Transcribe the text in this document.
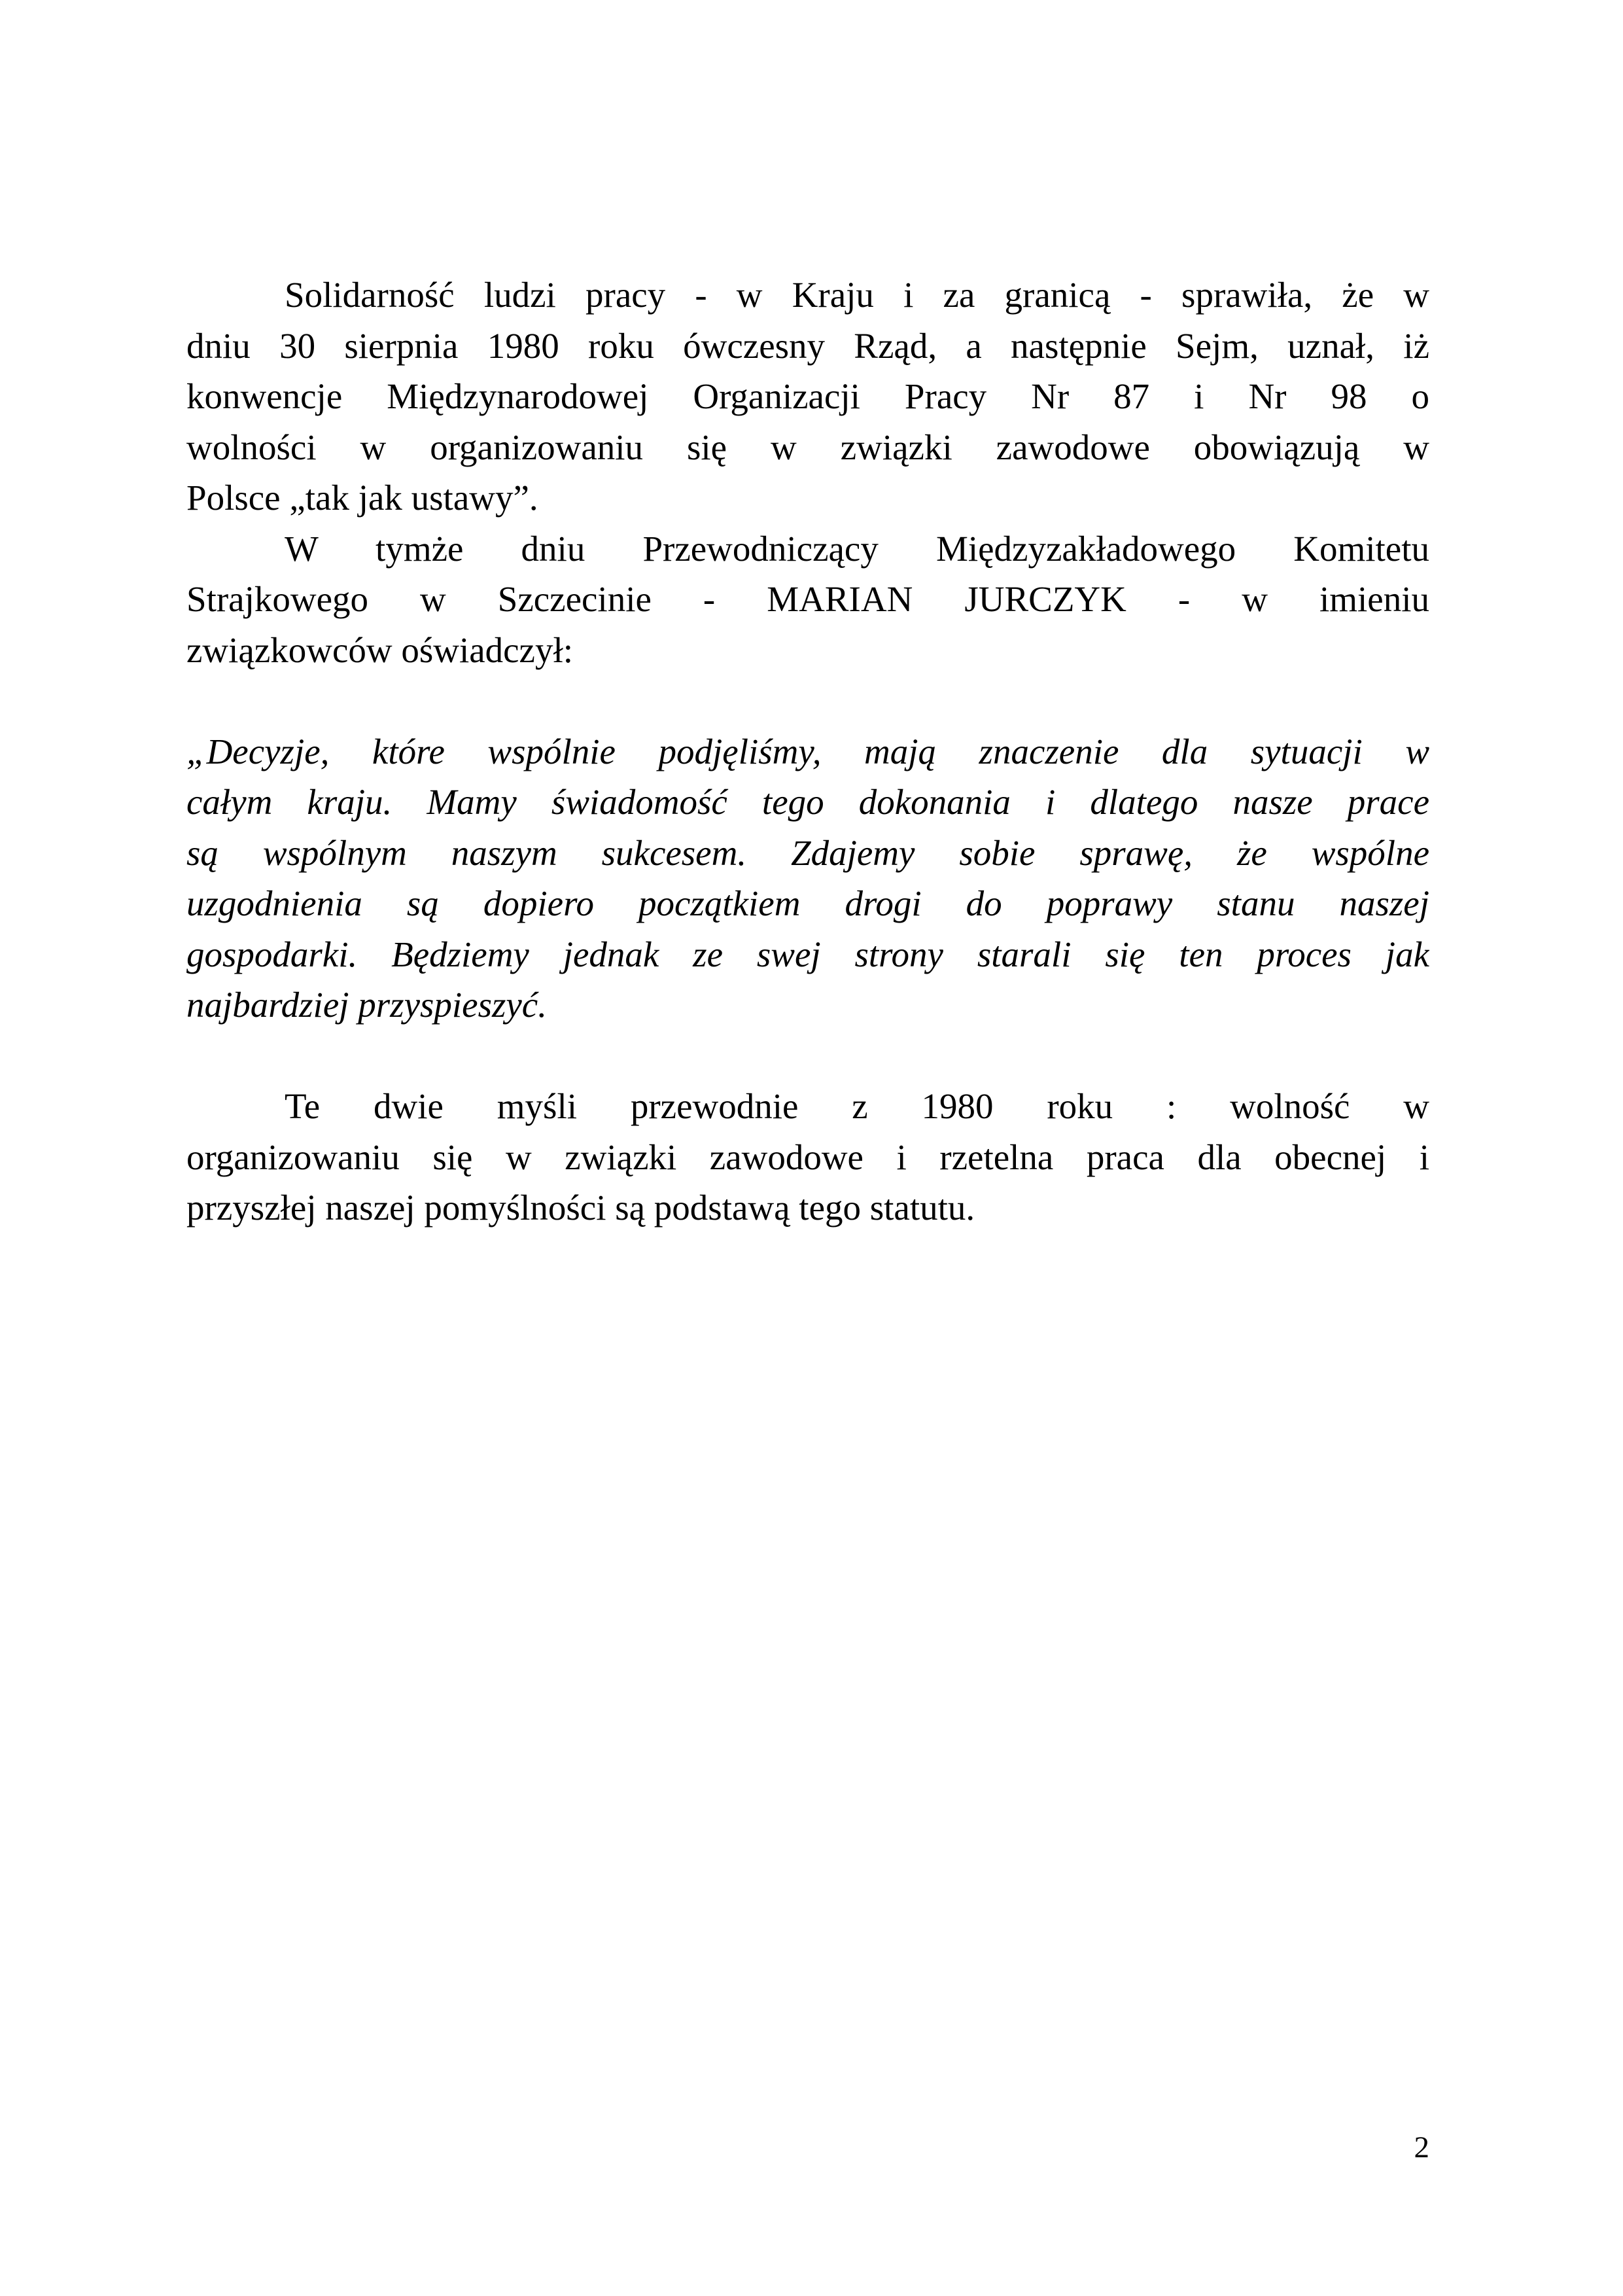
Solidarność ludzi pracy - w Kraju i za granicą - sprawiła, że w
dniu 30 sierpnia 1980 roku ówczesny Rząd, a następnie Sejm, uznał, iż
konwencje Międzynarodowej Organizacji Pracy Nr 87 i Nr 98 o
wolności w organizowaniu się w związki zawodowe obowiązują w
Polsce „tak jak ustawy”.

W tymże dniu Przewodniczący Międzyzakładowego Komitetu
Strajkowego w Szczecinie - MARIAN JURCZYK - w imieniu
związkowców oświadczył:

„Decyzje, które wspólnie podjęliśmy, mają znaczenie dla sytuacji w
całym kraju. Mamy świadomość tego dokonania i dlatego nasze prace
są wspólnym naszym sukcesem. Zdajemy sobie sprawę, że wspólne
uzgodnienia są dopiero początkiem drogi do poprawy stanu naszej
gospodarki. Będziemy jednak ze swej strony starali się ten proces jak
najbardziej przyspieszyć.

Te dwie myśli przewodnie z 1980 roku : wolność w
organizowaniu się w związki zawodowe i rzetelna praca dla obecnej i
przyszłej naszej pomyślności są podstawą tego statutu.

2
